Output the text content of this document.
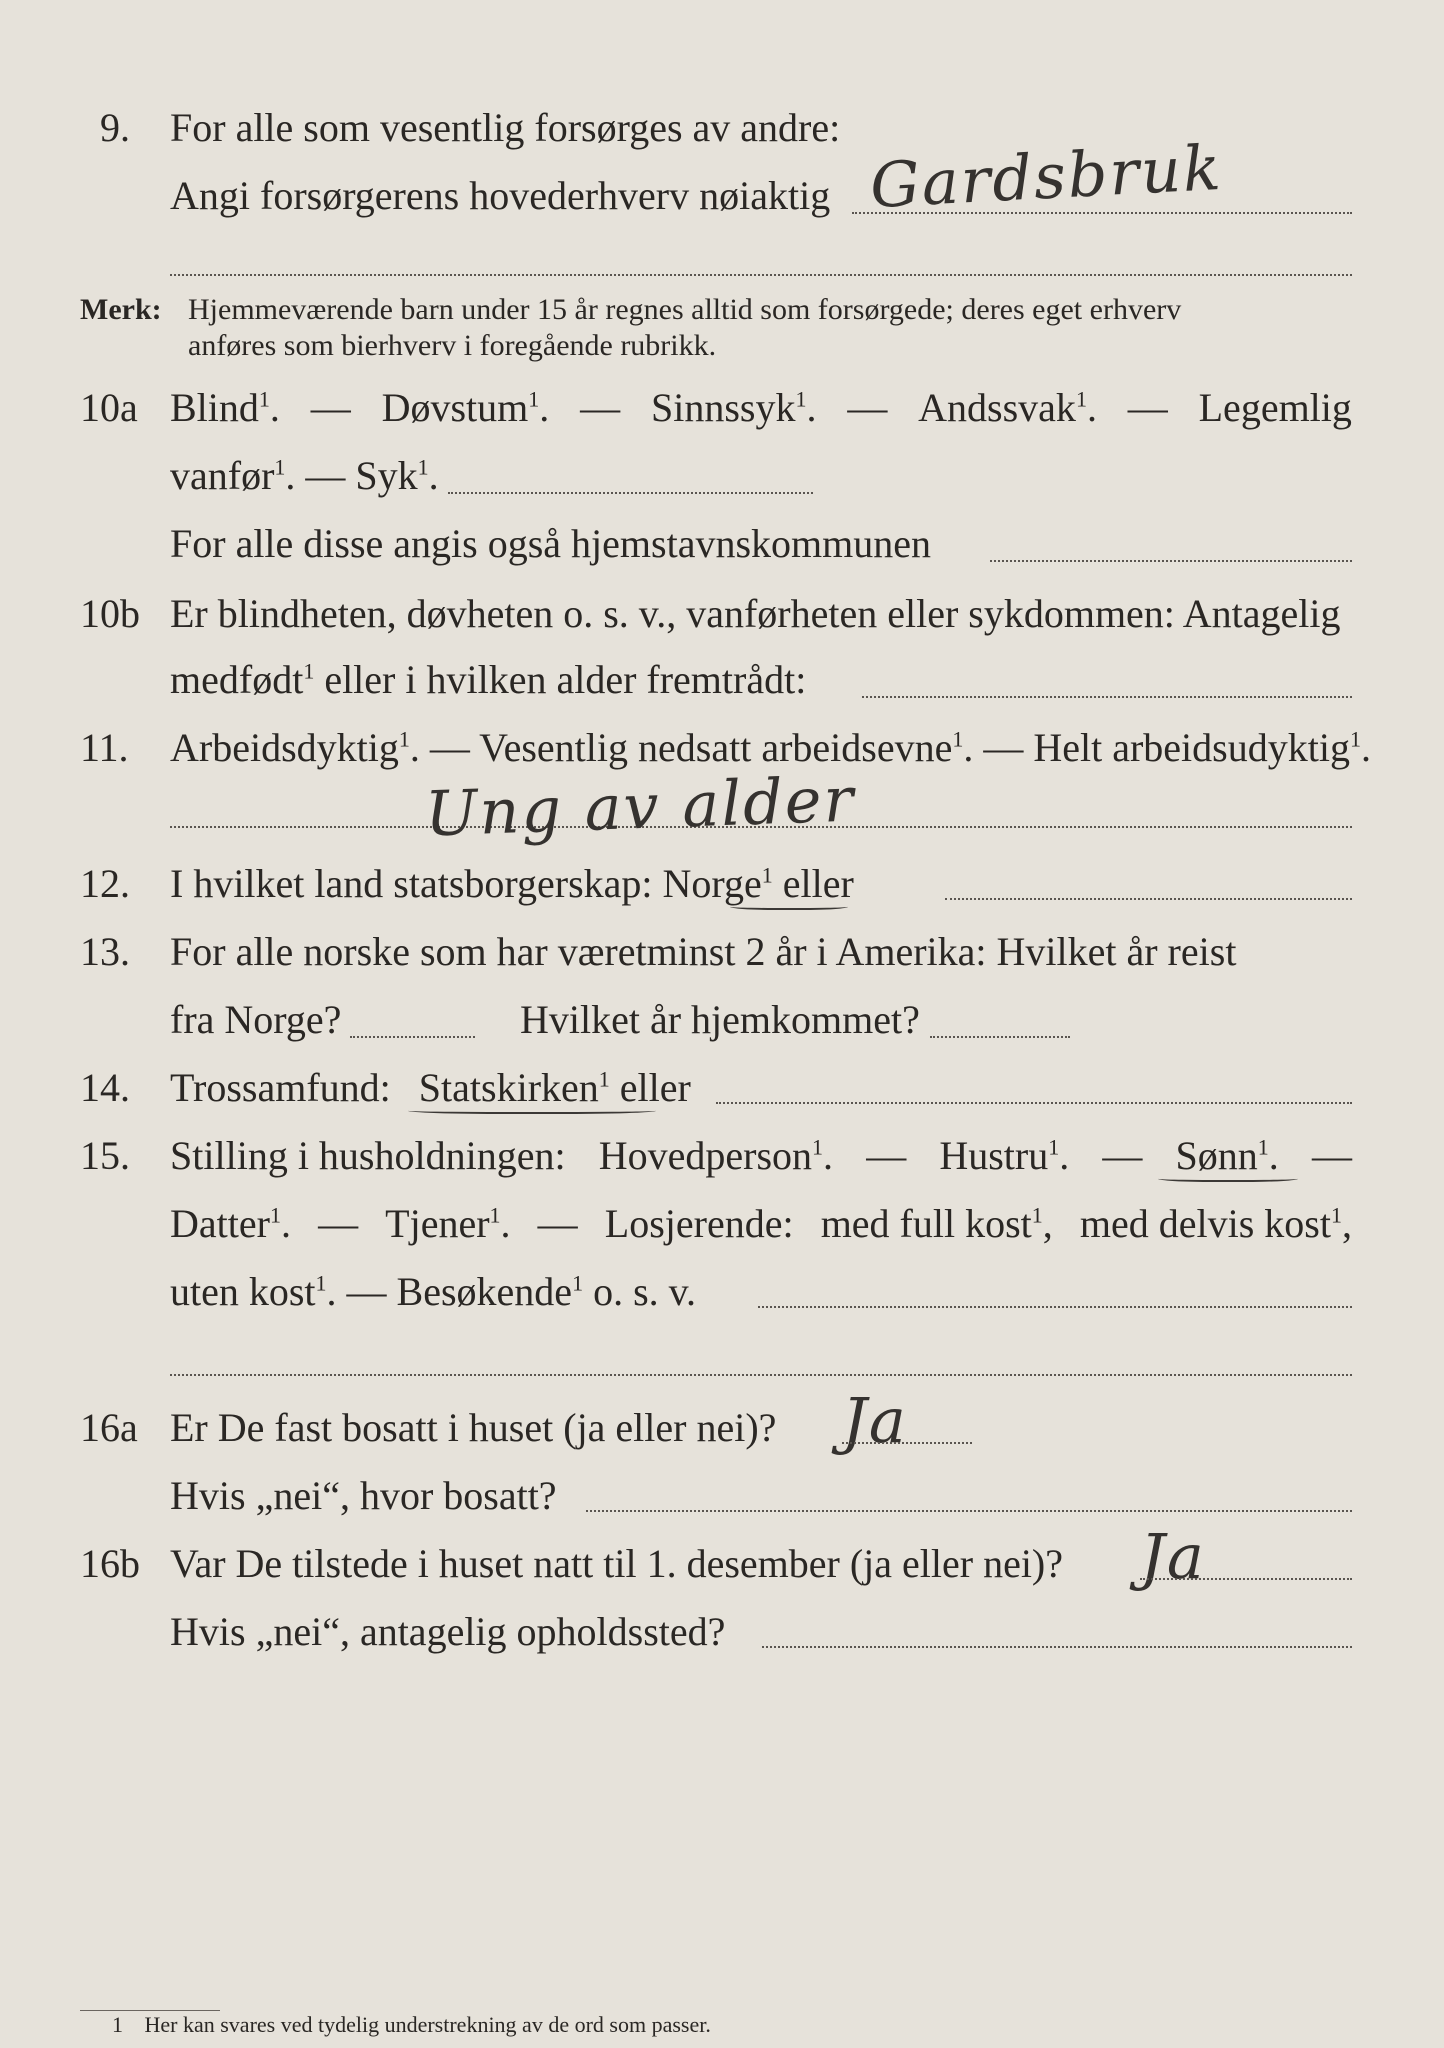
9. For alle som vesentlig forsørges av andre:
Angi forsørgerens hovederhverv nøiaktig Gardsbruk
Merk: Hjemmeværende barn under 15 år regnes alltid som forsørgede; deres eget erhverv
anføres som bierhverv i foregående rubrikk.
10a Blind$^1$. — Døvstum$^1$. — Sinnssyk$^1$. — Andssvak$^1$. — Legemlig
vanfør$^1$. — Syk$^1$.
For alle disse angis også hjemstavnskommunen
10b Er blindheten, døvheten o. s. v., vanførheten eller sykdommen: Antagelig
medfødt$^1$ eller i hvilken alder fremtrådt:
11. Arbeidsdyktig$^1$. — Vesentlig nedsatt arbeidsevne$^1$. — Helt arbeidsudyktig$^1$.
Ung av alder
12. I hvilket land statsborgerskap: Norge$^1$ eller
13. For alle norske som har væretminst 2 år i Amerika: Hvilket år reist
fra Norge?	Hvilket år hjemkommet?
14. Trossamfund: Statskirken$^1$ eller
15. Stilling i husholdningen: Hovedperson$^1$. — Hustru$^1$. — Sønn$^1$. —
Datter$^1$. — Tjener$^1$. — Losjerende: med full kost$^1$, med delvis kost$^1$,
uten kost$^1$. — Besøkende$^1$ o. s. v.
16a Er De fast bosatt i huset (ja eller nei)? Ja
Hvis „nei“, hvor bosatt?
16b Var De tilstede i huset natt til 1. desember (ja eller nei)? Ja
Hvis „nei“, antagelig opholdssted?
1 Her kan svares ved tydelig understrekning av de ord som passer.
